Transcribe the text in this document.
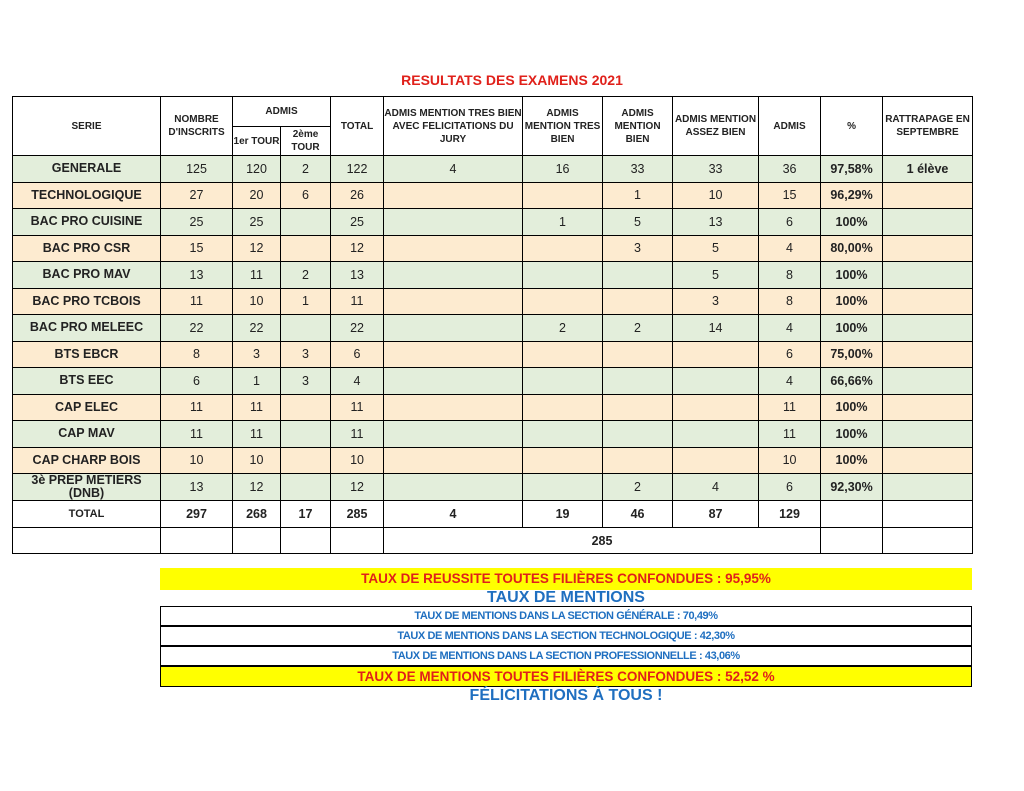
RESULTATS DES EXAMENS 2021
SERIE	NOMBRE D'INSCRITS	ADMIS		TOTAL	ADMIS MENTION TRES BIEN AVEC FELICITATIONS DU JURY	ADMIS MENTION TRES BIEN	ADMIS MENTION BIEN	ADMIS MENTION ASSEZ BIEN	ADMIS	%	RATTRAPAGE EN SEPTEMBRE
		1er TOUR	2ème TOUR								
GENERALE	125	120	2	122	4	16	33	33	36	97,58%	1 élève
TECHNOLOGIQUE	27	20	6	26			1	10	15	96,29%	
BAC PRO CUISINE	25	25		25		1	5	13	6	100%	
BAC PRO CSR	15	12		12			3	5	4	80,00%	
BAC PRO MAV	13	11	2	13				5	8	100%	
BAC PRO TCBOIS	11	10	1	11				3	8	100%	
BAC PRO MELEEC	22	22		22		2	2	14	4	100%	
BTS EBCR	8	3	3	6					6	75,00%	
BTS EEC	6	1	3	4					4	66,66%	
CAP ELEC	11	11		11					11	100%	
CAP MAV	11	11		11					11	100%	
CAP CHARP BOIS	10	10		10					10	100%	
3è PREP METIERS (DNB)	13	12		12			2	4	6	92,30%	
TOTAL	297	268	17	285	4	19	46	87	129		
					285						
TAUX DE REUSSITE TOUTES FILIÈRES CONFONDUES : 95,95%
TAUX DE MENTIONS
TAUX DE MENTIONS DANS LA SECTION GÉNÉRALE : 70,49%
TAUX DE MENTIONS DANS LA SECTION TECHNOLOGIQUE : 42,30%
TAUX DE MENTIONS DANS LA SECTION PROFESSIONNELLE : 43,06%
TAUX DE MENTIONS TOUTES FILIÈRES CONFONDUES : 52,52 %
FÉLICITATIONS À TOUS !
